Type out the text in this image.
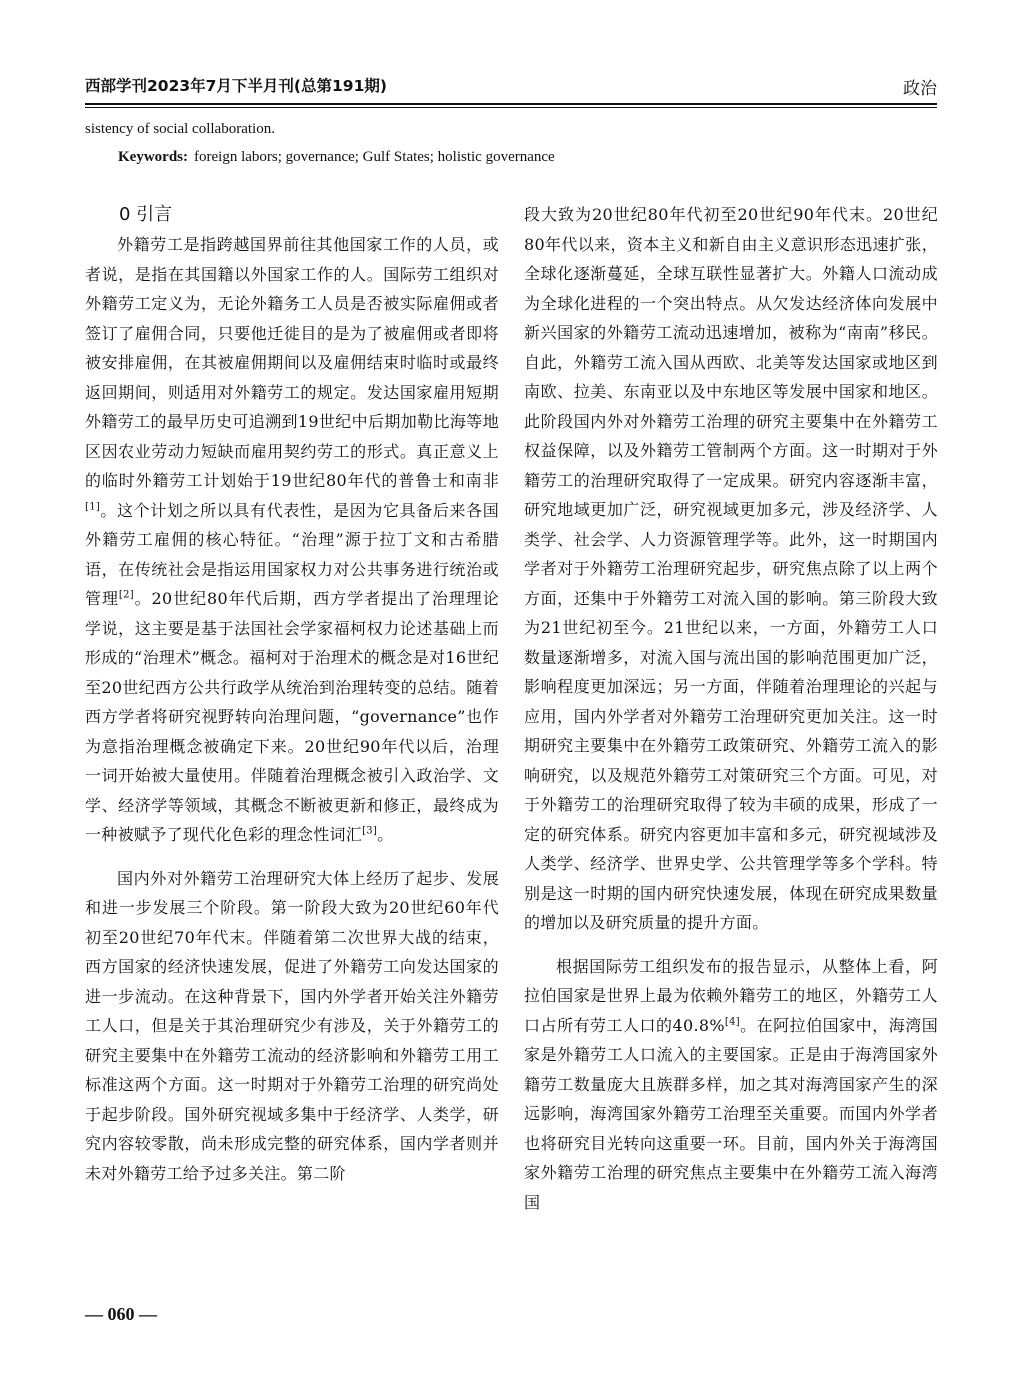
西部学刊2023年7月下半月刊(总第191期)	政治
sistency of social collaboration.
Keywords: foreign labors; governance; Gulf States; holistic governance
0 引言

外籍劳工是指跨越国界前往其他国家工作的人员，或者说，是指在其国籍以外国家工作的人。国际劳工组织对外籍劳工定义为，无论外籍务工人员是否被实际雇佣或者签订了雇佣合同，只要他迁徙目的是为了被雇佣或者即将被安排雇佣，在其被雇佣期间以及雇佣结束时临时或最终返回期间，则适用对外籍劳工的规定。发达国家雇用短期外籍劳工的最早历史可追溯到19世纪中后期加勒比海等地区因农业劳动力短缺而雇用契约劳工的形式。真正意义上的临时外籍劳工计划始于19世纪80年代的普鲁士和南非[1]。这个计划之所以具有代表性，是因为它具备后来各国外籍劳工雇佣的核心特征。“治理”源于拉丁文和古希腊语，在传统社会是指运用国家权力对公共事务进行统治或管理[2]。20世纪80年代后期，西方学者提出了治理理论学说，这主要是基于法国社会学家福柯权力论述基础上而形成的“治理术”概念。福柯对于治理术的概念是对16世纪至20世纪西方公共行政学从统治到治理转变的总结。随着西方学者将研究视野转向治理问题，“governance”也作为意指治理概念被确定下来。20世纪90年代以后，治理一词开始被大量使用。伴随着治理概念被引入政治学、文学、经济学等领域，其概念不断被更新和修正，最终成为一种被赋予了现代化色彩的理念性词汇[3]。

国内外对外籍劳工治理研究大体上经历了起步、发展和进一步发展三个阶段。第一阶段大致为20世纪60年代初至20世纪70年代末。伴随着第二次世界大战的结束，西方国家的经济快速发展，促进了外籍劳工向发达国家的进一步流动。在这种背景下，国内外学者开始关注外籍劳工人口，但是关于其治理研究少有涉及，关于外籍劳工的研究主要集中在外籍劳工流动的经济影响和外籍劳工用工标准这两个方面。这一时期对于外籍劳工治理的研究尚处于起步阶段。国外研究视域多集中于经济学、人类学，研究内容较零散，尚未形成完整的研究体系，国内学者则并未对外籍劳工给予过多关注。第二阶

段大致为20世纪80年代初至20世纪90年代末。20世纪80年代以来，资本主义和新自由主义意识形态迅速扩张，全球化逐渐蔓延，全球互联性显著扩大。外籍人口流动成为全球化进程的一个突出特点。从欠发达经济体向发展中新兴国家的外籍劳工流动迅速增加，被称为“南南”移民。自此，外籍劳工流入国从西欧、北美等发达国家或地区到南欧、拉美、东南亚以及中东地区等发展中国家和地区。此阶段国内外对外籍劳工治理的研究主要集中在外籍劳工权益保障，以及外籍劳工管制两个方面。这一时期对于外籍劳工的治理研究取得了一定成果。研究内容逐渐丰富，研究地域更加广泛，研究视域更加多元，涉及经济学、人类学、社会学、人力资源管理学等。此外，这一时期国内学者对于外籍劳工治理研究起步，研究焦点除了以上两个方面，还集中于外籍劳工对流入国的影响。第三阶段大致为21世纪初至今。21世纪以来，一方面，外籍劳工人口数量逐渐增多，对流入国与流出国的影响范围更加广泛，影响程度更加深远；另一方面，伴随着治理理论的兴起与应用，国内外学者对外籍劳工治理研究更加关注。这一时期研究主要集中在外籍劳工政策研究、外籍劳工流入的影响研究，以及规范外籍劳工对策研究三个方面。可见，对于外籍劳工的治理研究取得了较为丰硕的成果，形成了一定的研究体系。研究内容更加丰富和多元，研究视域涉及人类学、经济学、世界史学、公共管理学等多个学科。特别是这一时期的国内研究快速发展，体现在研究成果数量的增加以及研究质量的提升方面。

根据国际劳工组织发布的报告显示，从整体上看，阿拉伯国家是世界上最为依赖外籍劳工的地区，外籍劳工人口占所有劳工人口的40.8%[4]。在阿拉伯国家中，海湾国家是外籍劳工人口流入的主要国家。正是由于海湾国家外籍劳工数量庞大且族群多样，加之其对海湾国家产生的深远影响，海湾国家外籍劳工治理至关重要。而国内外学者也将研究目光转向这重要一环。目前，国内外关于海湾国家外籍劳工治理的研究焦点主要集中在外籍劳工流入海湾国

— 060 —
